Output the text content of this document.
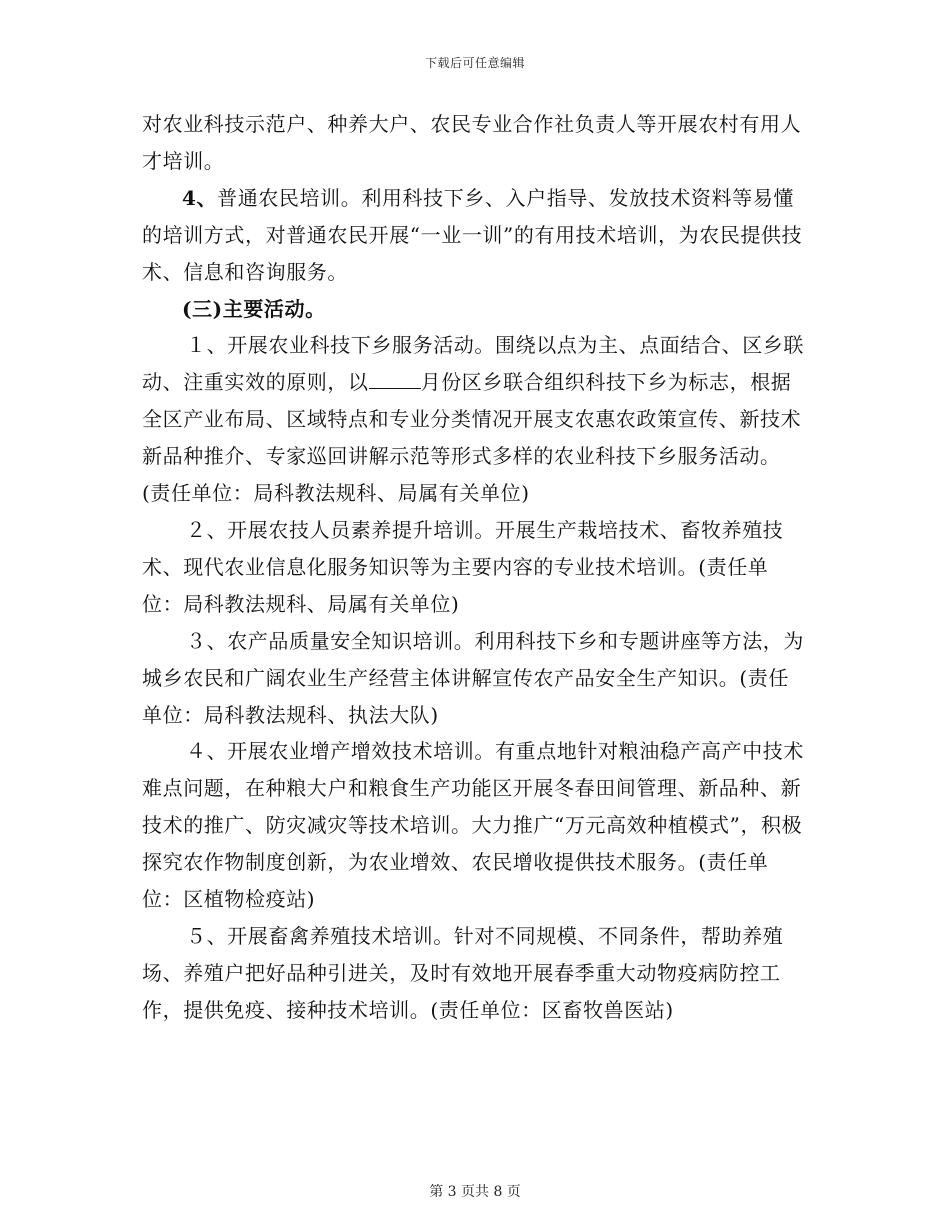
下载后可任意编辑

对农业科技示范户、种养大户、农民专业合作社负责人等开展农村有用人才培训。

4、普通农民培训。利用科技下乡、入户指导、发放技术资料等易懂的培训方式，对普通农民开展“一业一训”的有用技术培训，为农民提供技术、信息和咨询服务。

(三)主要活动。

１、开展农业科技下乡服务活动。围绕以点为主、点面结合、区乡联动、注重实效的原则，以	月份区乡联合组织科技下乡为标志，根据全区产业布局、区域特点和专业分类情况开展支农惠农政策宣传、新技术新品种推介、专家巡回讲解示范等形式多样的农业科技下乡服务活动。(责任单位：局科教法规科、局属有关单位)

２、开展农技人员素养提升培训。开展生产栽培技术、畜牧养殖技术、现代农业信息化服务知识等为主要内容的专业技术培训。(责任单位：局科教法规科、局属有关单位)

３、农产品质量安全知识培训。利用科技下乡和专题讲座等方法，为城乡农民和广阔农业生产经营主体讲解宣传农产品安全生产知识。(责任单位：局科教法规科、执法大队)

４、开展农业增产增效技术培训。有重点地针对粮油稳产高产中技术难点问题，在种粮大户和粮食生产功能区开展冬春田间管理、新品种、新技术的推广、防灾减灾等技术培训。大力推广“万元高效种植模式”，积极探究农作物制度创新，为农业增效、农民增收提供技术服务。(责任单位：区植物检疫站)

５、开展畜禽养殖技术培训。针对不同规模、不同条件，帮助养殖场、养殖户把好品种引进关，及时有效地开展春季重大动物疫病防控工作，提供免疫、接种技术培训。(责任单位：区畜牧兽医站)

第 3 页共 8 页
